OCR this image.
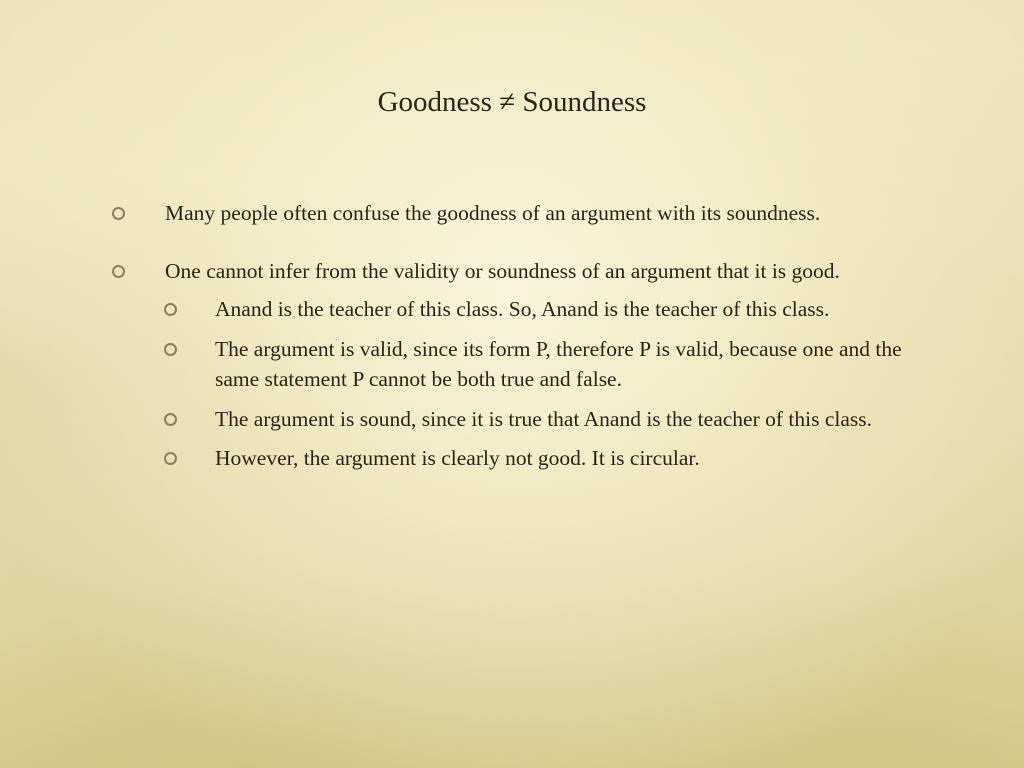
Goodness ≠ Soundness
Many people often confuse the goodness of an argument with its soundness.
One cannot infer from the validity or soundness of an argument that it is good.
Anand is the teacher of this class. So, Anand is the teacher of this class.
The argument is valid, since its form P, therefore P is valid, because one and the same statement P cannot be both true and false.
The argument is sound, since it is true that Anand is the teacher of this class.
However, the argument is clearly not good. It is circular.
